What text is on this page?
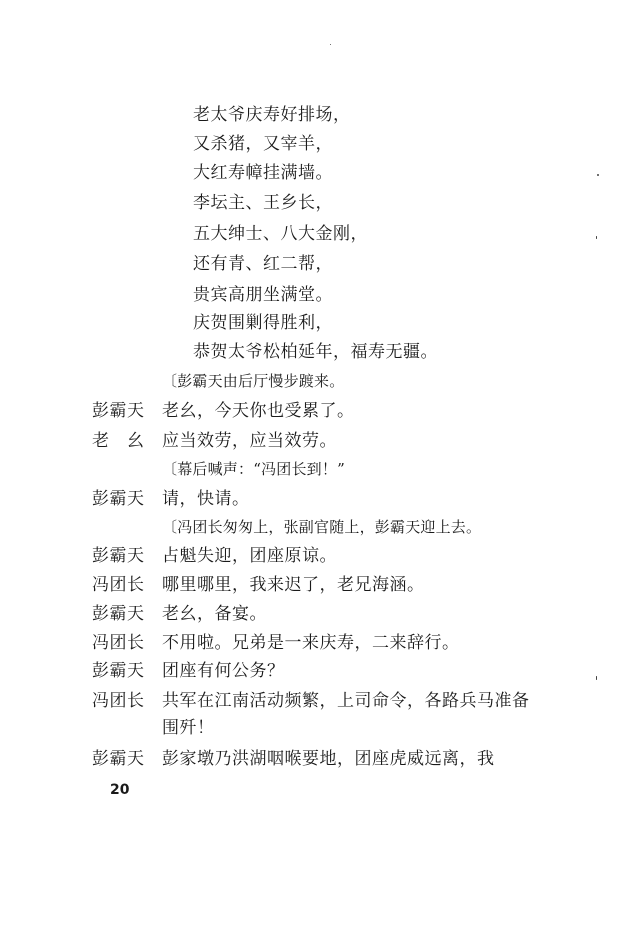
老太爷庆寿好排场，
又杀猪，又宰羊，
大红寿幛挂满墙。
李坛主、王乡长，
五大绅士、八大金刚，
还有青、红二帮，
贵宾高朋坐满堂。
庆贺围剿得胜利，
恭贺太爷松柏延年，福寿无疆。
〔彭霸天由后厅慢步踱来。
彭霸天	老幺，今天你也受累了。
老　幺	应当效劳，应当效劳。
〔幕后喊声：“冯团长到！”
彭霸天	请，快请。
〔冯团长匆匆上，张副官随上，彭霸天迎上去。
彭霸天	占魁失迎，团座原谅。
冯团长	哪里哪里，我来迟了，老兄海涵。
彭霸天	老幺，备宴。
冯团长	不用啦。兄弟是一来庆寿，二来辞行。
彭霸天	团座有何公务？
冯团长	共军在江南活动频繁，上司命令，各路兵马准备
围歼！
彭霸天	彭家墩乃洪湖咽喉要地，团座虎威远离，我
20
